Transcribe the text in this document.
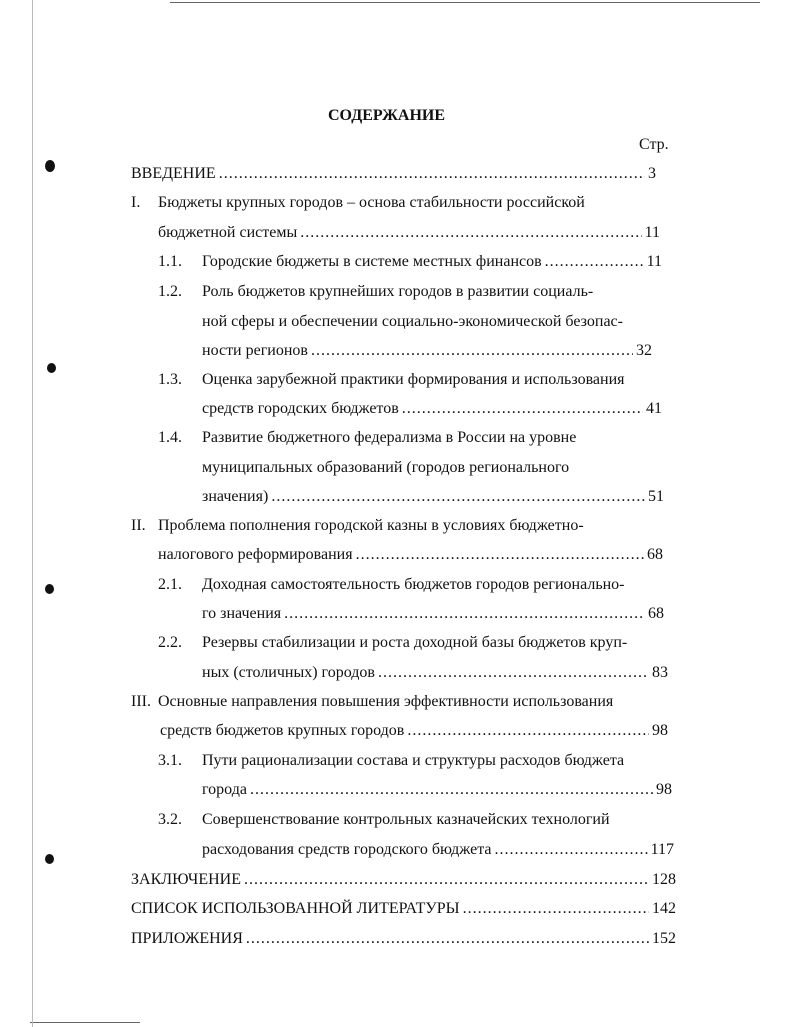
СОДЕРЖАНИЕ
Стр.
ВВЕДЕНИЕ .....	3
I. Бюджеты крупных городов – основа стабильности российской
бюджетной системы .....	11
1.1. Городские бюджеты в системе местных финансов .....	11
1.2. Роль бюджетов крупнейших городов в развитии социаль-
ной сферы и обеспечении социально-экономической безопас-
ности регионов .....	32
1.3. Оценка зарубежной практики формирования и использования
средств городских бюджетов .....	41
1.4. Развитие бюджетного федерализма в России на уровне
муниципальных образований (городов регионального
значения) .....	51
II. Проблема пополнения городской казны в условиях бюджетно-
налогового реформирования .....	68
2.1. Доходная самостоятельность бюджетов городов регионально-
го значения .....	68
2.2. Резервы стабилизации и роста доходной базы бюджетов круп-
ных (столичных) городов .....	83
III. Основные направления повышения эффективности использования
средств бюджетов крупных городов .....	98
3.1. Пути рационализации состава и структуры расходов бюджета
города .....	98
3.2. Совершенствование контрольных казначейских технологий
расходования средств городского бюджета .....	117
ЗАКЛЮЧЕНИЕ .....	128
СПИСОК ИСПОЛЬЗОВАННОЙ ЛИТЕРАТУРЫ .....	142
ПРИЛОЖЕНИЯ .....	152
